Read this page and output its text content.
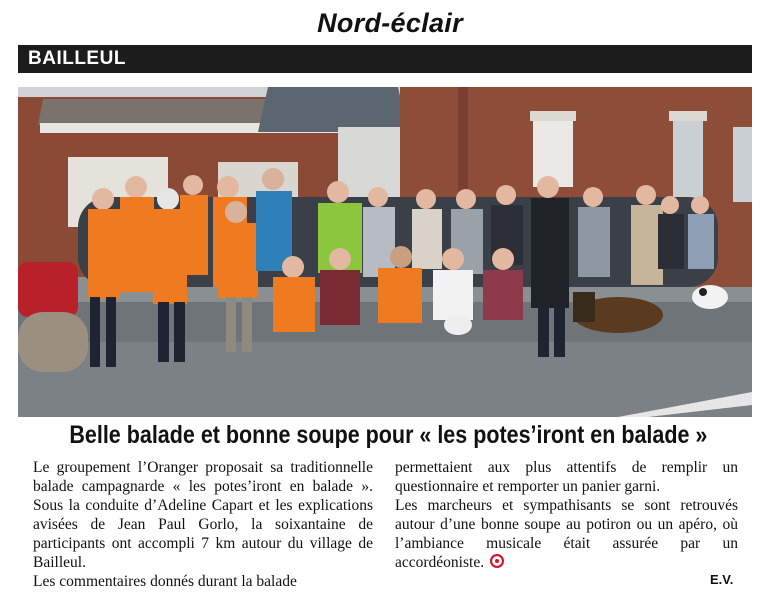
Nord-éclair
BAILLEUL
Belle balade et bonne soupe pour « les potes’iront en balade »

Le groupement l’Oranger proposait sa traditionnelle balade campagnarde « les potes’iront en balade ». Sous la conduite d’Adeline Capart et les explications avisées de Jean Paul Gorlo, la soixantaine de participants ont accompli 7 km autour du village de Bailleul.

Les commentaires donnés durant la balade

permettaient aux plus attentifs de remplir un questionnaire et remporter un panier garni.

Les marcheurs et sympathisants se sont retrouvés autour d’une bonne soupe au potiron ou un apéro, où l’ambiance musicale était assurée par un accordéoniste.

E.V.
